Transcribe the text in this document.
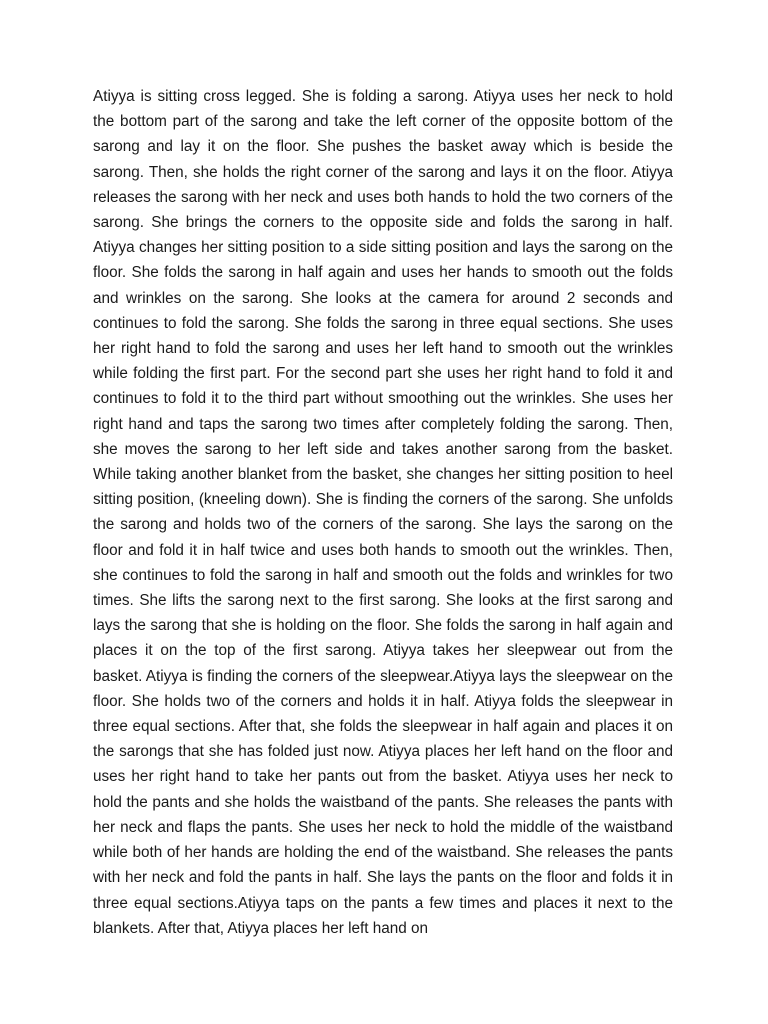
Atiyya is sitting cross legged. She is folding a sarong. Atiyya uses her neck to hold the bottom part of the sarong and take the left corner of the opposite bottom of the sarong and lay it on the floor. She pushes the basket away which is beside the sarong. Then, she holds the right corner of the sarong and lays it on the floor. Atiyya releases the sarong with her neck and uses both hands to hold the two corners of the sarong. She brings the corners to the opposite side and folds the sarong in half. Atiyya changes her sitting position to a side sitting position and lays the sarong on the floor. She folds the sarong in half again and uses her hands to smooth out the folds and wrinkles on the sarong. She looks at the camera for around 2 seconds and continues to fold the sarong. She folds the sarong in three equal sections. She uses her right hand to fold the sarong and uses her left hand to smooth out the wrinkles while folding the first part. For the second part she uses her right hand to fold it and continues to fold it to the third part without smoothing out the wrinkles. She uses her right hand and taps the sarong two times after completely folding the sarong. Then, she moves the sarong to her left side and takes another sarong from the basket. While taking another blanket from the basket, she changes her sitting position to heel sitting position, (kneeling down). She is finding the corners of the sarong. She unfolds the sarong and holds two of the corners of the sarong. She lays the sarong on the floor and fold it in half twice and uses both hands to smooth out the wrinkles. Then, she continues to fold the sarong in half and smooth out the folds and wrinkles for two times. She lifts the sarong next to the first sarong. She looks at the first sarong and lays the sarong that she is holding on the floor. She folds the sarong in half again and places it on the top of the first sarong. Atiyya takes her sleepwear out from the basket. Atiyya is finding the corners of the sleepwear.Atiyya lays the sleepwear on the floor. She holds two of the corners and holds it in half. Atiyya folds the sleepwear in three equal sections. After that, she folds the sleepwear in half again and places it on the sarongs that she has folded just now. Atiyya places her left hand on the floor and uses her right hand to take her pants out from the basket. Atiyya uses her neck to hold the pants and she holds the waistband of the pants. She releases the pants with her neck and flaps the pants. She uses her neck to hold the middle of the waistband while both of her hands are holding the end of the waistband. She releases the pants with her neck and fold the pants in half. She lays the pants on the floor and folds it in three equal sections.Atiyya taps on the pants a few times and places it next to the blankets. After that, Atiyya places her left hand on
